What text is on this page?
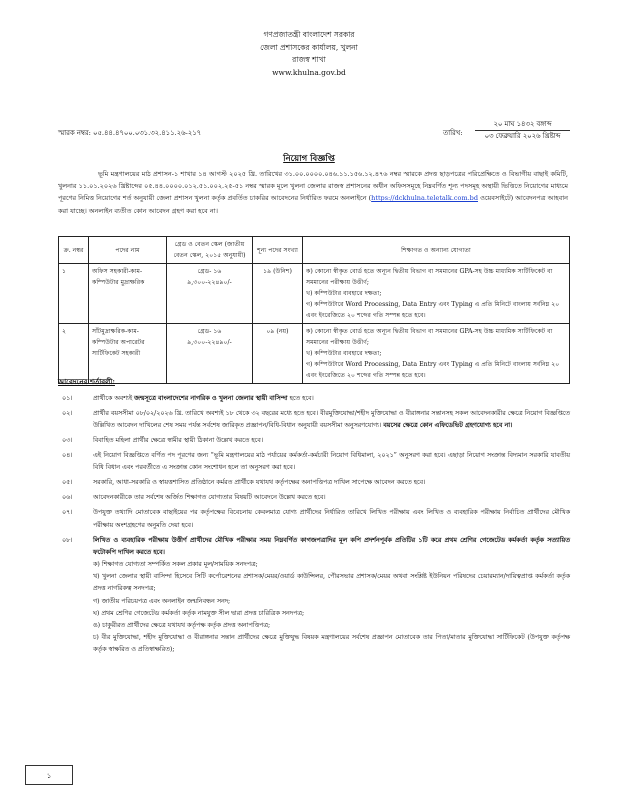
গণপ্রজাতন্ত্রী বাংলাদেশ সরকার
জেলা প্রশাসকের কার্যালয়, খুলনা
রাজস্ব শাখা
www.khulna.gov.bd
স্মারক নম্বর: ০৫.৪৪.৪৭০০.০৩১.৩২.৪১১.২৬-২১৭	তারিখ:
২০ মাঘ ১৪৩২ বঙ্গাব্দ
০৩ ফেব্রুয়ারি ২০২৬ খ্রিষ্টাব্দ
নিয়োগ বিজ্ঞপ্তি
ভূমি মন্ত্রণালয়ের মাঠ প্রশাসন-১ শাখার ১৪ আগস্ট ২০২৫ খ্রি. তারিখের ৩১.০০.০০০০.০৪৬.১১.১৫৬.১২.৪৭৬ নম্বর স্মারকে প্রদত্ত ছাড়পত্রের পরিপ্রেক্ষিতে ও বিভাগীয় বাছাই কমিটি, খুলনার ১১.০১.২০২৬ খ্রিষ্টাব্দের ০৫.৪৪.০০০০.০১২.৫১.০০২.২৫-৫১ নম্বর স্মারক মূলে খুলনা জেলার রাজস্ব প্রশাসনের অধীন অফিসসমূহে নিম্নবর্ণিত শূন্য পদসমূহ অস্থায়ী ভিত্তিতে নিয়োগের মাধ্যমে পূরণের নিমিত্ত নিয়োগের শর্ত অনুযায়ী জেলা প্রশাসন খুলনা কর্তৃক প্রবর্তিত চাকরির আবেদনের নির্ধারিত ফরমে অনলাইনে (https://dckhulna.teletalk.com.bd ওয়েবসাইটে) আবেদনপত্র আহবান করা যাচ্ছে। অনলাইন ব্যতীত কোন আবেদন গ্রহণ করা হবে না।
ক্র. নম্বর	পদের নাম	গ্রেড ও বেতন স্কেল (জাতীয় বেতন স্কেল, ২০১৫ অনুযায়ী)	শূন্য পদের সংখ্যা	শিক্ষাগত ও অন্যান্য যোগ্যতা
১	অফিস সহকারী-কাম-কম্পিউটার মুদ্রাক্ষরিক	গ্রেড- ১৬
৯,৩০০-২২৪৯০/-	১৯ (উনিশ)	ক) কোনো স্বীকৃত বোর্ড হতে অন্যূন দ্বিতীয় বিভাগ বা সমমানের GPA-সহ উচ্চ মাধ্যমিক সার্টিফিকেট বা সমমানের পরীক্ষায় উত্তীর্ণ;
খ) কম্পিউটার ব্যবহারে দক্ষতা;
গ) কম্পিউটারে Word Processing, Data Entry এবং Typing এ প্রতি মিনিটে বাংলায় সর্বনিম্ন ২০ এবং ইংরেজিতে ২০ শব্দের গতি সম্পন্ন হতে হবে।

২	সাঁটমুদ্রাক্ষরিক-কাম-কম্পিউটার অপারেটর সার্টিফিকেট সহকারী	গ্রেড- ১৬
৯,৩০০-২২৪৯০/-	০৯ (নয়)	ক) কোনো স্বীকৃত বোর্ড হতে অন্যূন দ্বিতীয় বিভাগ বা সমমানের GPA-সহ উচ্চ মাধ্যমিক সার্টিফিকেট বা সমমানের পরীক্ষায় উত্তীর্ণ;
খ) কম্পিউটার ব্যবহারে দক্ষতা;
গ) কম্পিউটারে Word Processing, Data Entry এবং Typing এ প্রতি মিনিটে বাংলায় সর্বনিম্ন ২০ এবং ইংরেজিতে ২০ শব্দের গতি সম্পন্ন হতে হবে।
আবেদনের শর্তাবলী:
০১।	প্রার্থীকে অবশ্যই জন্মসূত্রে বাংলাদেশের নাগরিক ও খুলনা জেলার স্থায়ী বাসিন্দা হতে হবে।
০২।	প্রার্থীর বয়সসীমা ০৮/০২/২০২৬ খ্রি. তারিখে অবশ্যই ১৮ থেকে ৩২ বছরের মধ্যে হতে হবে। বীরমুক্তিযোদ্ধা/শহীদ মুক্তিযোদ্ধা ও বীরাঙ্গনার সন্তানসহ সকল আবেদনকারীর ক্ষেত্রে নিয়োগ বিজ্ঞপ্তিতে উল্লিখিত আবেদন দাখিলের শেষ সময় পর্যন্ত সর্বশেষ জারিকৃত প্রজ্ঞাপন/বিধি-বিধান অনুযায়ী বয়সসীমা অনুসরণযোগ্য। বয়সের ক্ষেত্রে কোন এফিডেভিট গ্রহণযোগ্য হবে না।
০৩।	বিবাহিত মহিলা প্রার্থীর ক্ষেত্রে স্বামীর স্থায়ী ঠিকানা উল্লেখ করতে হবে।
০৪।	এই নিয়োগ বিজ্ঞপ্তিতে বর্ণিত পদ পূরণের জন্য “ভূমি মন্ত্রণালয়ের মাঠ পর্যায়ের কর্মকর্তা-কর্মচারী নিয়োগ বিধিমালা, ২০২১” অনুসরণ করা হবে। এছাড়া নিয়োগ সংক্রান্ত বিদ্যমান সরকারি যাবতীয় বিধি বিধান এবং পরবর্তীতে এ সংক্রান্ত কোন সংশোধন হলে তা অনুসরণ করা হবে।
০৫।	সরকারি, আধা-সরকারি ও স্বায়ত্তশাসিত প্রতিষ্ঠানে কর্মরত প্রার্থীকে যথাযথ কর্তৃপক্ষের অনাপত্তিপত্র দাখিল সাপেক্ষে আবেদন করতে হবে।
০৬।	আবেদনকারীকে তার সর্বশেষ অর্জিত শিক্ষাগত যোগ্যতার বিষয়টি আবেদনে উল্লেখ করতে হবে।
০৭।	উপযুক্ত তথ্যাদি মোতাবেক বাছাইয়ের পর কর্তৃপক্ষের বিবেচনায় কেবলমাত্র যোগ্য প্রার্থীদের নির্ধারিত তারিখে লিখিত পরীক্ষায় এবং লিখিত ও ব্যবহারিক পরীক্ষায় নির্বাচিত প্রার্থীদের মৌখিক পরীক্ষায় অংশগ্রহণের অনুমতি দেয়া হবে।
০৮।	লিখিত ও ব্যবহারিক পরীক্ষায় উত্তীর্ণ প্রার্থীদের মৌখিক পরীক্ষার সময় নিম্নবর্ণিত কাগজপত্রাদির মূল কপি প্রদর্শনপূর্বক প্রতিটির ১টি করে প্রথম শ্রেণির গেজেটেড কর্মকর্তা কর্তৃক সত্যায়িত ফটোকপি দাখিল করতে হবে।
ক) শিক্ষাগত যোগ্যতা সম্পর্কিত সকল প্রকার মূল/সাময়িক সনদপত্র;
খ) খুলনা জেলার স্থায়ী বাসিন্দা হিসেবে সিটি কর্পোরেশনের প্রশাসক/মেয়র/ওয়ার্ড কাউন্সিলর, পৌরসভার প্রশাসক/মেয়র অথবা সংশ্লিষ্ট ইউনিয়ন পরিষদের চেয়ারম্যান/দায়িত্বপ্রাপ্ত কর্মকর্তা কর্তৃক প্রদত্ত নাগরিকত্ব সনদপত্র;
গ) জাতীয় পরিচয়পত্র এবং অনলাইন জন্মনিবন্ধন সনদ;
ঘ) প্রথম শ্রেণির গেজেটেড কর্মকর্তা কর্তৃক নামযুক্ত সীল দ্বারা প্রদত্ত চারিত্রিক সনদপত্র;
ঙ) চাকুরীরত প্রার্থীদের ক্ষেত্রে যথাযথ কর্তৃপক্ষ কর্তৃক প্রদত্ত অনাপত্তিপত্র;
চ) বীর মুক্তিযোদ্ধা, শহীদ মুক্তিযোদ্ধা ও বীরাঙ্গনার সন্তান প্রার্থীদের ক্ষেত্রে মুক্তিযুদ্ধ বিষয়ক মন্ত্রণালয়ের সর্বশেষ প্রজ্ঞাপন মোতাবেক তার পিতা/মাতার মুক্তিযোদ্ধা সার্টিফিকেট (উপযুক্ত কর্তৃপক্ষ কর্তৃক স্বাক্ষরিত ও প্রতিস্বাক্ষরিত);
১
